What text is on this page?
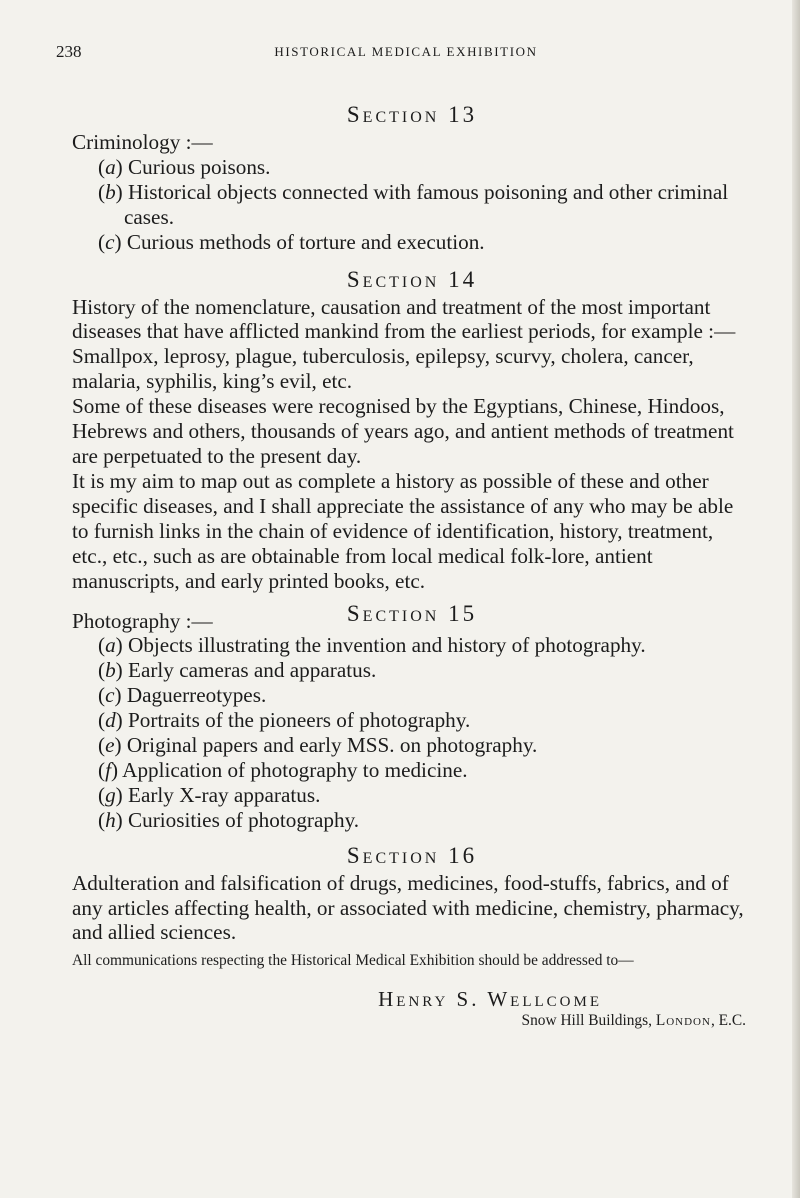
238	HISTORICAL MEDICAL EXHIBITION
Section 13

Criminology :—

(a) Curious poisons.

(b) Historical objects connected with famous poisoning and other criminal cases.

(c) Curious methods of torture and execution.

Section 14

History of the nomenclature, causation and treatment of the most important diseases that have afflicted mankind from the earliest periods, for example :—

Smallpox, leprosy, plague, tuberculosis, epilepsy, scurvy, cholera, cancer, malaria, syphilis, king’s evil, etc.

Some of these diseases were recognised by the Egyptians, Chinese, Hindoos, Hebrews and others, thousands of years ago, and antient methods of treatment are perpetuated to the present day.

It is my aim to map out as complete a history as possible of these and other specific diseases, and I shall appreciate the assistance of any who may be able to furnish links in the chain of evidence of identification, history, treatment, etc., etc., such as are obtainable from local medical folk-lore, antient manuscripts, and early printed books, etc.

Photography :—	Section 15

(a) Objects illustrating the invention and history of photography.

(b) Early cameras and apparatus.

(c) Daguerreotypes.

(d) Portraits of the pioneers of photography.

(e) Original papers and early MSS. on photography.

(f) Application of photography to medicine.

(g) Early X-ray apparatus.

(h) Curiosities of photography.

Section 16

Adulteration and falsification of drugs, medicines, food-stuffs, fabrics, and of any articles affecting health, or associated with medicine, chemistry, pharmacy, and allied sciences.

All communications respecting the Historical Medical Exhibition should be addressed to—

Henry S. Wellcome
Snow Hill Buildings, London, E.C.
